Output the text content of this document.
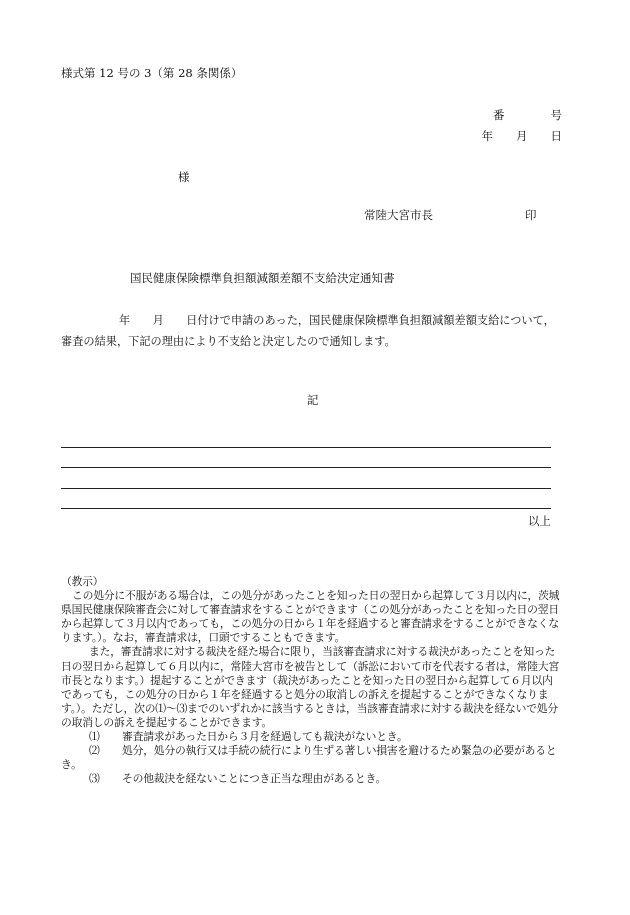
様式第 12 号の 3（第 28 条関係）
番　　　　号
年　　月　　日
様
常陸大宮市長	印
国民健康保険標準負担額減額差額不支給決定通知書
年　　月　　日付けで申請のあった，国民健康保険標準負担額減額差額支給について，
審査の結果，下記の理由により不支給と決定したので通知します。
記
以上

（教示）

この処分に不服がある場合は，この処分があったことを知った日の翌日から起算して３月以内に，茨城県国民健康保険審査会に対して審査請求をすることができます（この処分があったことを知った日の翌日から起算して３月以内であっても，この処分の日から１年を経過すると審査請求をすることができなくなります。）。なお，審査請求は，口頭ですることもできます。

また，審査請求に対する裁決を経た場合に限り，当該審査請求に対する裁決があったことを知った日の翌日から起算して６月以内に，常陸大宮市を被告として（訴訟において市を代表する者は，常陸大宮市長となります。）提起することができます（裁決があったことを知った日の翌日から起算して６月以内であっても，この処分の日から１年を経過すると処分の取消しの訴えを提起することができなくなります。）。ただし，次の⑴～⑶までのいずれかに該当するときは，当該審査請求に対する裁決を経ないで処分の取消しの訴えを提起することができます。

⑴ 審査請求があった日から３月を経過しても裁決がないとき。

⑵ 処分，処分の執行又は手続の続行により生ずる著しい損害を避けるため緊急の必要があるとき。

⑶ その他裁決を経ないことにつき正当な理由があるとき。
